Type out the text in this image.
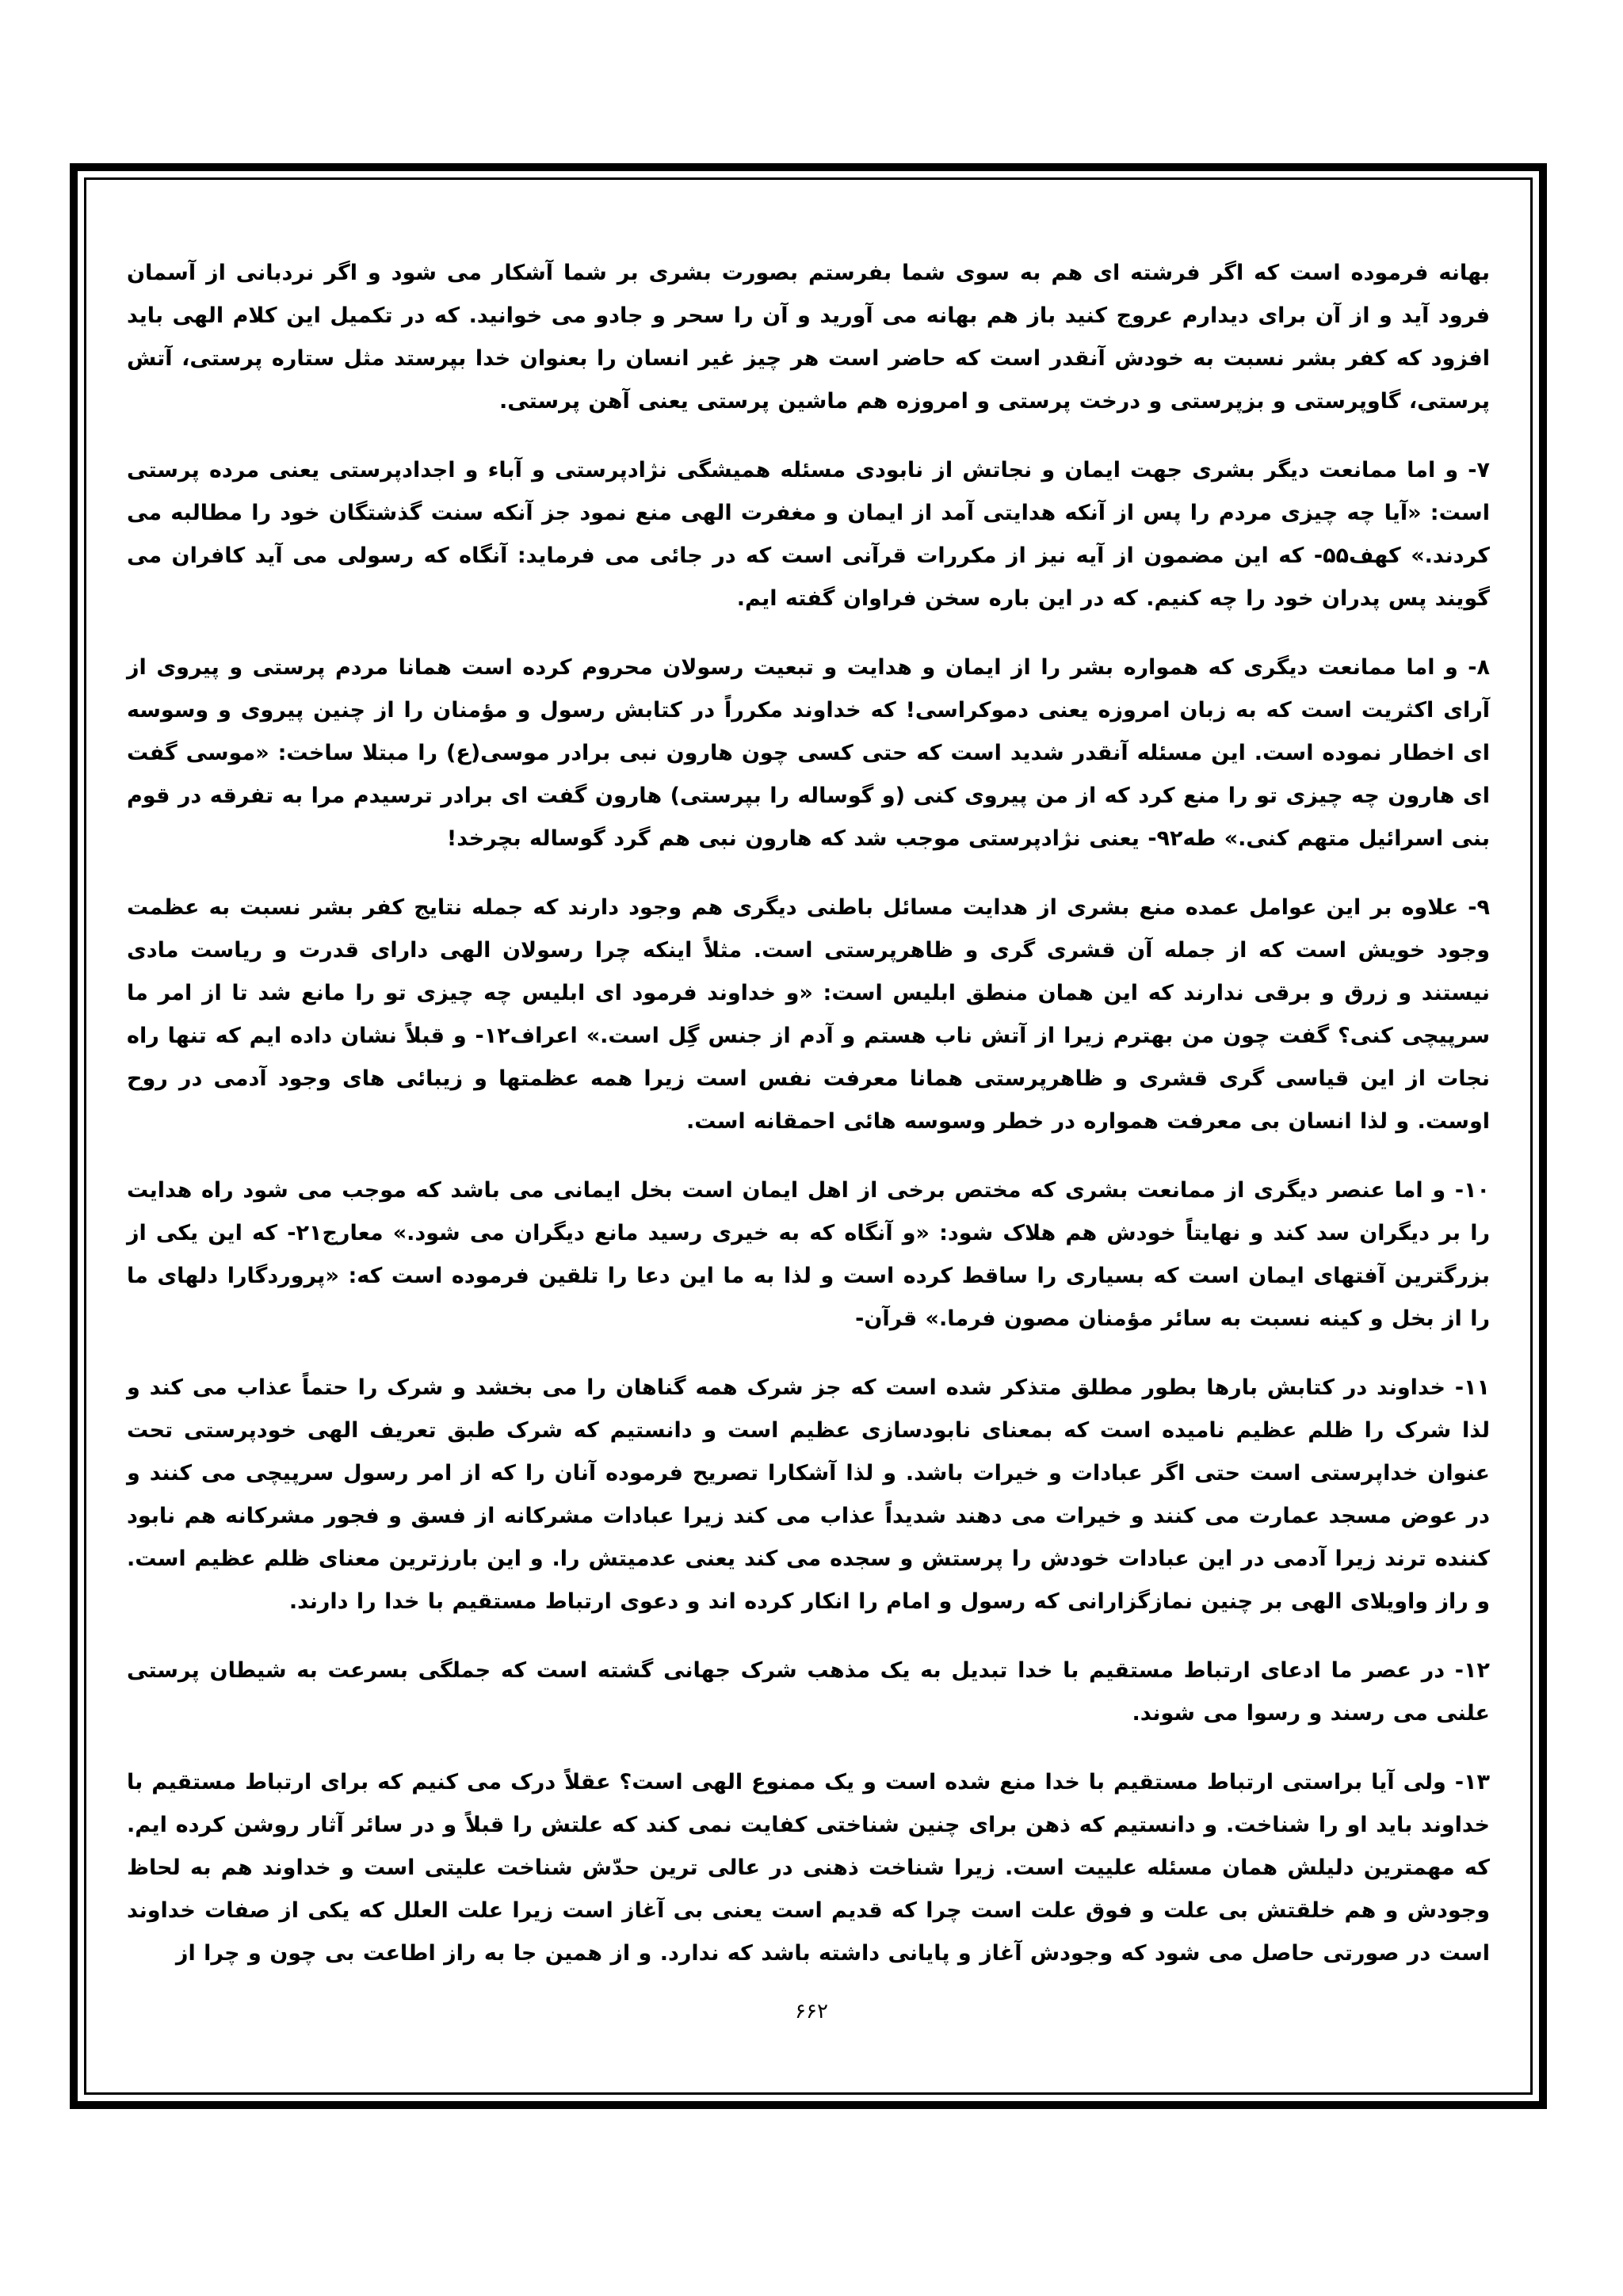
بهانه فرموده است که اگر فرشته ای هم به سوی شما بفرستم بصورت بشری بر شما آشکار می شود و اگر نردبانی از آسمان فرود آید و از آن برای دیدارم عروج کنید باز هم بهانه می آورید و آن را سحر و جادو می خوانید. که در تکمیل این کلام الهی باید افزود که کفر بشر نسبت به خودش آنقدر است که حاضر است هر چیز غیر انسان را بعنوان خدا بپرستد مثل ستاره پرستی، آتش پرستی، گاوپرستی و بزپرستی و درخت پرستی و امروزه هم ماشین پرستی یعنی آهن پرستی.

۷- و اما ممانعت دیگر بشری جهت ایمان و نجاتش از نابودی مسئله همیشگی نژادپرستی و آباء و اجدادپرستی یعنی مرده پرستی است: «آیا چه چیزی مردم را پس از آنکه هدایتی آمد از ایمان و مغفرت الهی منع نمود جز آنکه سنت گذشتگان خود را مطالبه می کردند.» کهف۵۵- که این مضمون از آیه نیز از مکررات قرآنی است که در جائی می فرماید: آنگاه که رسولی می آید کافران می گویند پس پدران خود را چه کنیم. که در این باره سخن فراوان گفته ایم.

۸- و اما ممانعت دیگری که همواره بشر را از ایمان و هدایت و تبعیت رسولان محروم کرده است همانا مردم پرستی و پیروی از آرای اکثریت است که به زبان امروزه یعنی دموکراسی! که خداوند مکرراً در کتابش رسول و مؤمنان را از چنین پیروی و وسوسه ای اخطار نموده است. این مسئله آنقدر شدید است که حتی کسی چون هارون نبی برادر موسی(ع) را مبتلا ساخت: «موسی گفت ای هارون چه چیزی تو را منع کرد که از من پیروی کنی (و گوساله را بپرستی) هارون گفت ای برادر ترسیدم مرا به تفرقه در قوم بنی اسرائیل متهم کنی.» طه۹۲- یعنی نژادپرستی موجب شد که هارون نبی هم گرد گوساله بچرخد!

۹- علاوه بر این عوامل عمده منع بشری از هدایت مسائل باطنی دیگری هم وجود دارند که جمله نتایج کفر بشر نسبت به عظمت وجود خویش است که از جمله آن قشری گری و ظاهرپرستی است. مثلاً اینکه چرا رسولان الهی دارای قدرت و ریاست مادی نیستند و زرق و برقی ندارند که این همان منطق ابلیس است: «و خداوند فرمود ای ابلیس چه چیزی تو را مانع شد تا از امر ما سرپیچی کنی؟ گفت چون من بهترم زیرا از آتش ناب هستم و آدم از جنس گِل است.» اعراف۱۲- و قبلاً نشان داده ایم که تنها راه نجات از این قیاسی گری قشری و ظاهرپرستی همانا معرفت نفس است زیرا همه عظمتها و زیبائی های وجود آدمی در روح اوست. و لذا انسان بی معرفت همواره در خطر وسوسه هائی احمقانه است.

۱۰- و اما عنصر دیگری از ممانعت بشری که مختص برخی از اهل ایمان است بخل ایمانی می باشد که موجب می شود راه هدایت را بر دیگران سد کند و نهایتاً خودش هم هلاک شود: «و آنگاه که به خیری رسید مانع دیگران می شود.» معارج۲۱- که این یکی از بزرگترین آفتهای ایمان است که بسیاری را ساقط کرده است و لذا به ما این دعا را تلقین فرموده است که: «پروردگارا دلهای ما را از بخل و کینه نسبت به سائر مؤمنان مصون فرما.» قرآن-

۱۱- خداوند در کتابش بارها بطور مطلق متذکر شده است که جز شرک همه گناهان را می بخشد و شرک را حتماً عذاب می کند و لذا شرک را ظلم عظیم نامیده است که بمعنای نابودسازی عظیم است و دانستیم که شرک طبق تعریف الهی خودپرستی تحت عنوان خداپرستی است حتی اگر عبادات و خیرات باشد. و لذا آشکارا تصریح فرموده آنان را که از امر رسول سرپیچی می کنند و در عوض مسجد عمارت می کنند و خیرات می دهند شدیداً عذاب می کند زیرا عبادات مشرکانه از فسق و فجور مشرکانه هم نابود کننده ترند زیرا آدمی در این عبادات خودش را پرستش و سجده می کند یعنی عدمیتش را. و این بارزترین معنای ظلم عظیم است. و راز واویلای الهی بر چنین نمازگزارانی که رسول و امام را انکار کرده اند و دعوی ارتباط مستقیم با خدا را دارند.

۱۲- در عصر ما ادعای ارتباط مستقیم با خدا تبدیل به یک مذهب شرک جهانی گشته است که جملگی بسرعت به شیطان پرستی علنی می رسند و رسوا می شوند.

۱۳- ولی آیا براستی ارتباط مستقیم با خدا منع شده است و یک ممنوع الهی است؟ عقلاً درک می کنیم که برای ارتباط مستقیم با خداوند باید او را شناخت. و دانستیم که ذهن برای چنین شناختی کفایت نمی کند که علتش را قبلاً و در سائر آثار روشن کرده ایم. که مهمترین دلیلش همان مسئله علییت است. زیرا شناخت ذهنی در عالی ترین حدّش شناخت علیتی است و خداوند هم به لحاظ وجودش و هم خلقتش بی علت و فوق علت است چرا که قدیم است یعنی بی آغاز است زیرا علت العلل که یکی از صفات خداوند است در صورتی حاصل می شود که وجودش آغاز و پایانی داشته باشد که ندارد. و از همین جا به راز اطاعت بی چون و چرا از

۶۶۲
